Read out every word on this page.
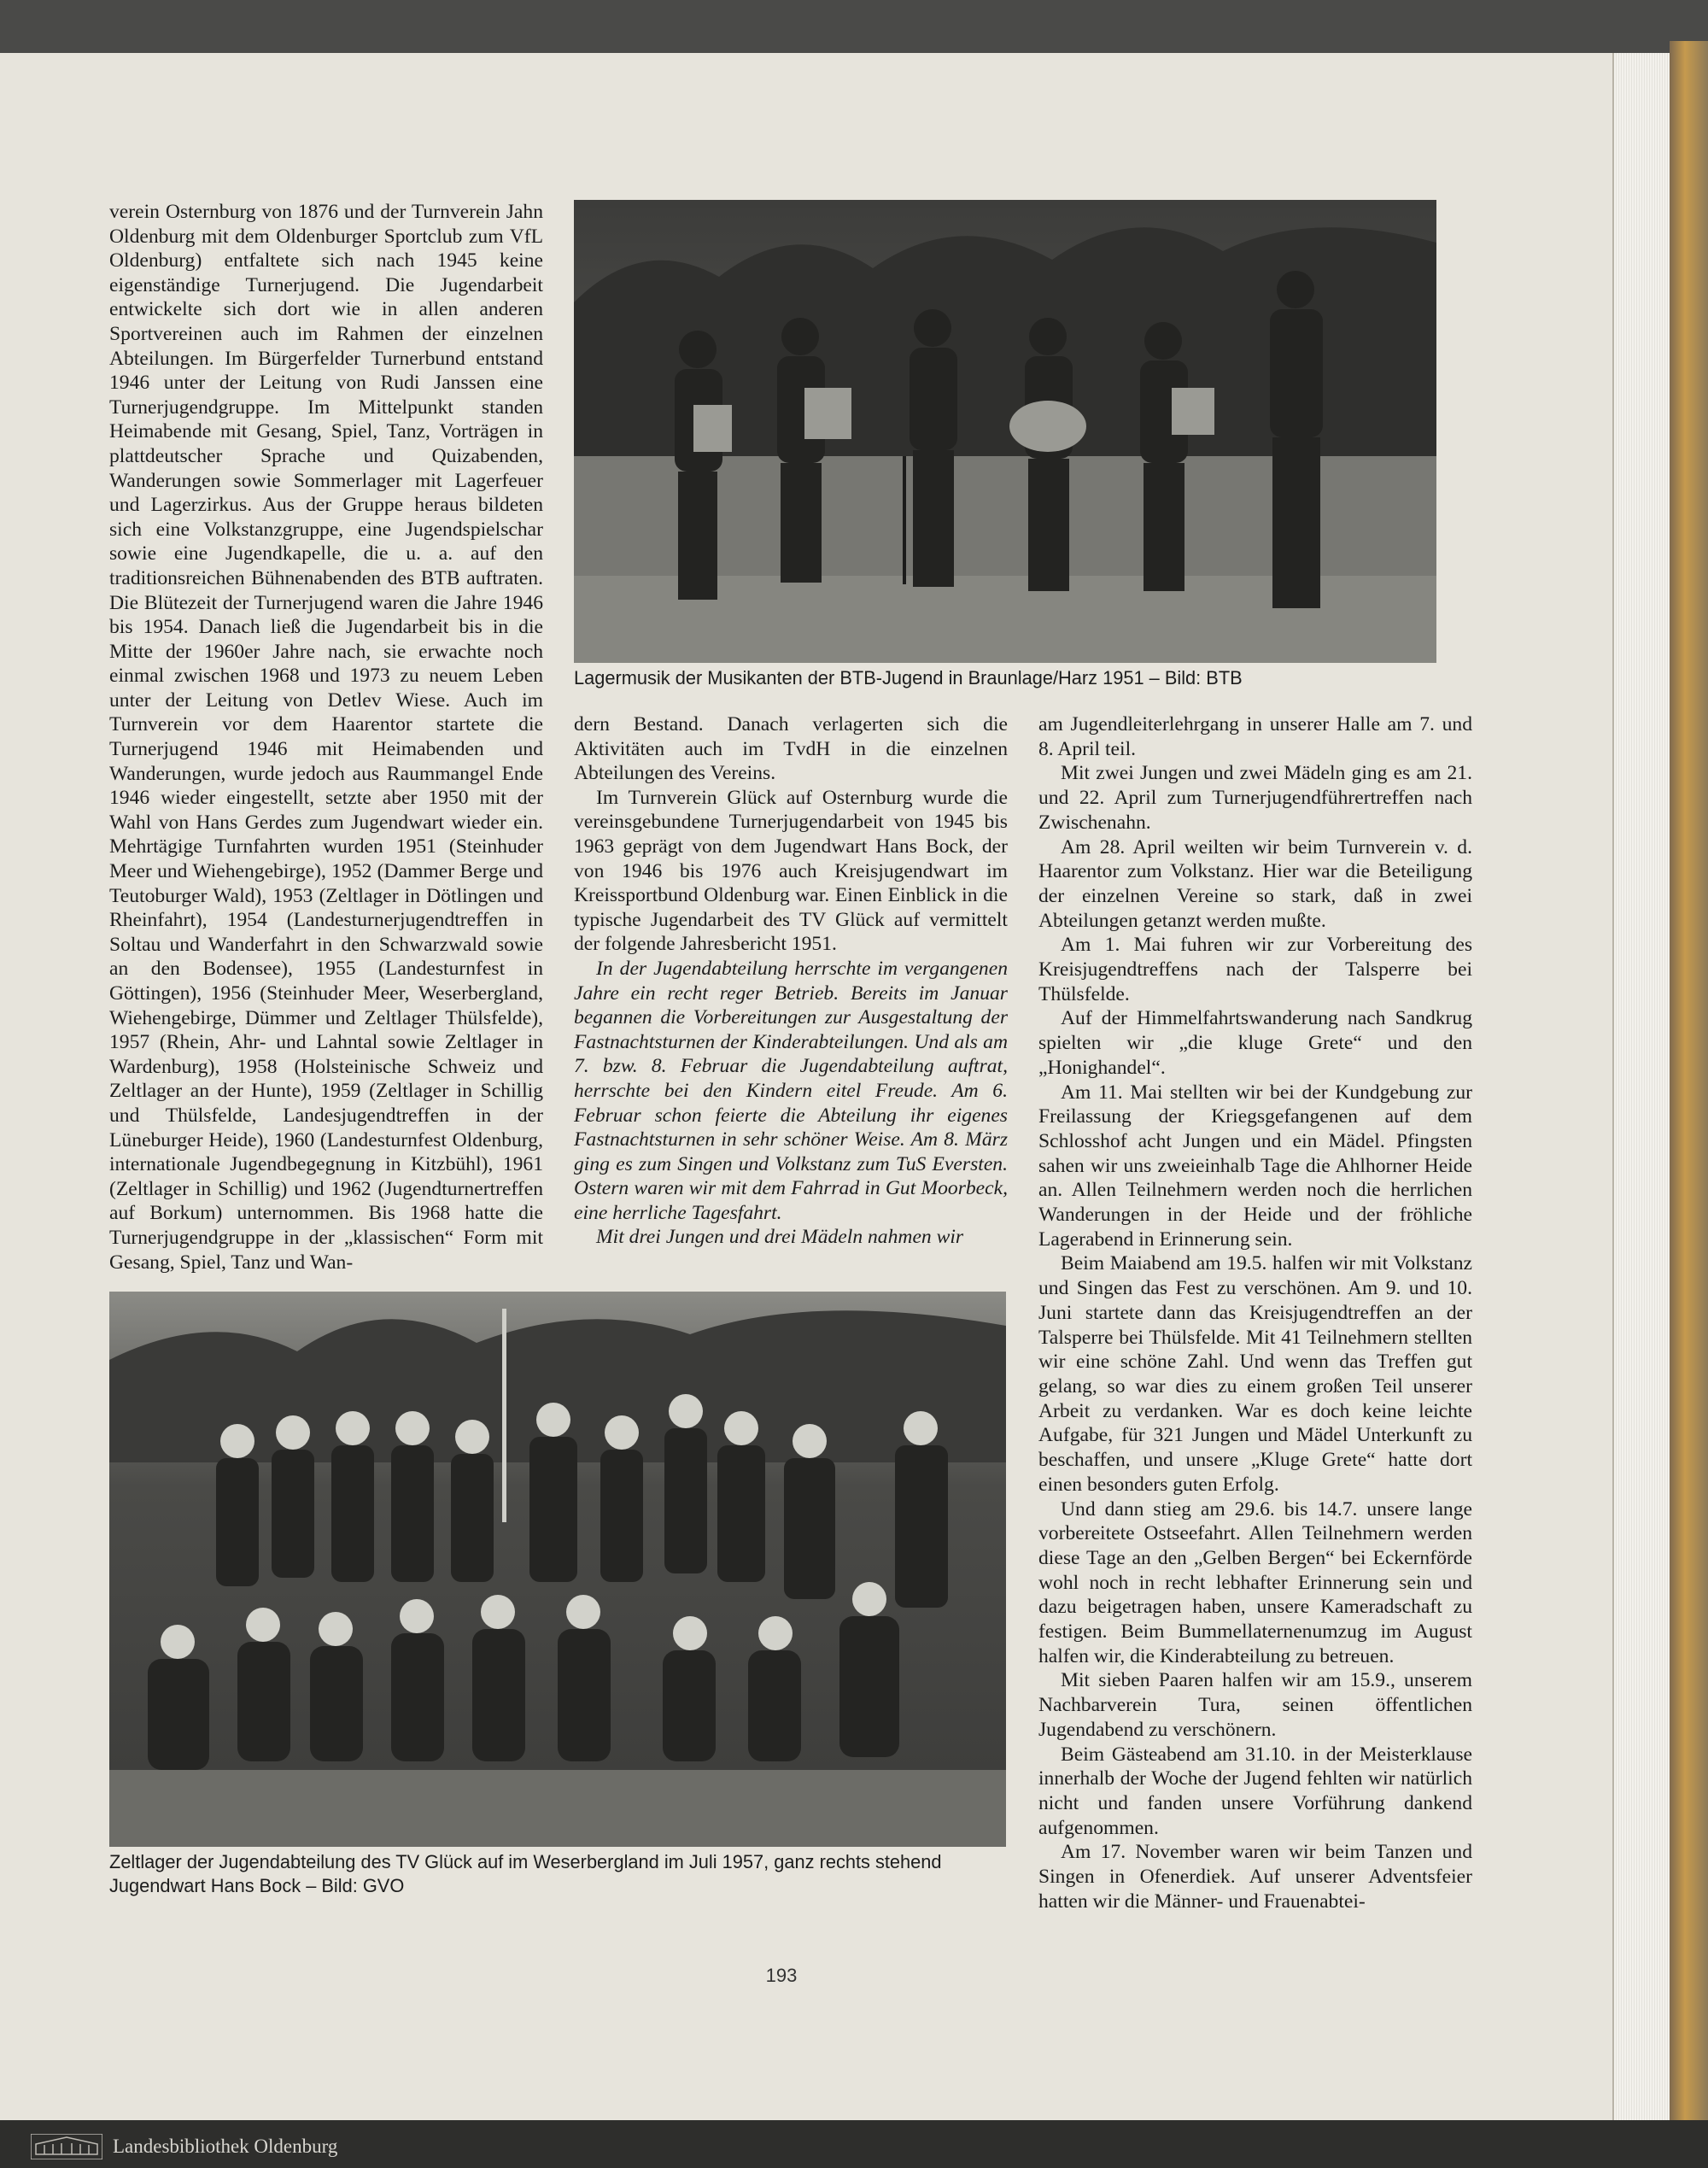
verein Osternburg von 1876 und der Turnverein Jahn Oldenburg mit dem Oldenburger Sportclub zum VfL Oldenburg) entfaltete sich nach 1945 keine eigenständige Turnerjugend. Die Jugendarbeit entwickelte sich dort wie in allen anderen Sportvereinen auch im Rahmen der einzelnen Abteilungen. Im Bürgerfelder Turnerbund entstand 1946 unter der Leitung von Rudi Janssen eine Turnerjugendgruppe. Im Mittelpunkt standen Heimabende mit Gesang, Spiel, Tanz, Vorträgen in plattdeutscher Sprache und Quizabenden, Wanderungen sowie Sommerlager mit Lagerfeuer und Lagerzirkus. Aus der Gruppe heraus bildeten sich eine Volkstanzgruppe, eine Jugendspielschar sowie eine Jugendkapelle, die u. a. auf den traditionsreichen Bühnenabenden des BTB auftraten. Die Blütezeit der Turnerjugend waren die Jahre 1946 bis 1954. Danach ließ die Jugendarbeit bis in die Mitte der 1960er Jahre nach, sie erwachte noch einmal zwischen 1968 und 1973 zu neuem Leben unter der Leitung von Detlev Wiese. Auch im Turnverein vor dem Haarentor startete die Turnerjugend 1946 mit Heimabenden und Wanderungen, wurde jedoch aus Raummangel Ende 1946 wieder eingestellt, setzte aber 1950 mit der Wahl von Hans Gerdes zum Jugendwart wieder ein. Mehrtägige Turnfahrten wurden 1951 (Steinhuder Meer und Wiehengebirge), 1952 (Dammer Berge und Teutoburger Wald), 1953 (Zeltlager in Dötlingen und Rheinfahrt), 1954 (Landesturnerjugendtreffen in Soltau und Wanderfahrt in den Schwarzwald sowie an den Bodensee), 1955 (Landesturnfest in Göttingen), 1956 (Steinhuder Meer, Weserbergland, Wiehengebirge, Dümmer und Zeltlager Thülsfelde), 1957 (Rhein, Ahr- und Lahntal sowie Zeltlager in Wardenburg), 1958 (Holsteinische Schweiz und Zeltlager an der Hunte), 1959 (Zeltlager in Schillig und Thülsfelde, Landesjugendtreffen in der Lüneburger Heide), 1960 (Landesturnfest Oldenburg, internationale Jugendbegegnung in Kitzbühl), 1961 (Zeltlager in Schillig) und 1962 (Jugendturnertreffen auf Borkum) unternommen. Bis 1968 hatte die Turnerjugendgruppe in der „klassischen“ Form mit Gesang, Spiel, Tanz und Wan-

Lagermusik der Musikanten der BTB-Jugend in Braunlage/Harz 1951 – Bild: BTB

dern Bestand. Danach verlagerten sich die Aktivitäten auch im TvdH in die einzelnen Abteilungen des Vereins.

Im Turnverein Glück auf Osternburg wurde die vereinsgebundene Turnerjugendarbeit von 1945 bis 1963 geprägt von dem Jugendwart Hans Bock, der von 1946 bis 1976 auch Kreisjugendwart im Kreissportbund Oldenburg war. Einen Einblick in die typische Jugendarbeit des TV Glück auf vermittelt der folgende Jahresbericht 1951.

In der Jugendabteilung herrschte im vergangenen Jahre ein recht reger Betrieb. Bereits im Januar begannen die Vorbereitungen zur Ausgestaltung der Fastnachtsturnen der Kinderabteilungen. Und als am 7. bzw. 8. Februar die Jugendabteilung auftrat, herrschte bei den Kindern eitel Freude. Am 6. Februar schon feierte die Abteilung ihr eigenes Fastnachtsturnen in sehr schöner Weise. Am 8. März ging es zum Singen und Volkstanz zum TuS Eversten. Ostern waren wir mit dem Fahrrad in Gut Moorbeck, eine herrliche Tagesfahrt.

Mit drei Jungen und drei Mädeln nahmen wir

am Jugendleiterlehrgang in unserer Halle am 7. und 8. April teil.

Mit zwei Jungen und zwei Mädeln ging es am 21. und 22. April zum Turnerjugendführertreffen nach Zwischenahn.

Am 28. April weilten wir beim Turnverein v. d. Haarentor zum Volkstanz. Hier war die Beteiligung der einzelnen Vereine so stark, daß in zwei Abteilungen getanzt werden mußte.

Am 1. Mai fuhren wir zur Vorbereitung des Kreisjugendtreffens nach der Talsperre bei Thülsfelde.

Auf der Himmelfahrtswanderung nach Sandkrug spielten wir „die kluge Grete“ und den „Honighandel“.

Am 11. Mai stellten wir bei der Kundgebung zur Freilassung der Kriegsgefangenen auf dem Schlosshof acht Jungen und ein Mädel. Pfingsten sahen wir uns zweieinhalb Tage die Ahlhorner Heide an. Allen Teilnehmern werden noch die herrlichen Wanderungen in der Heide und der fröhliche Lagerabend in Erinnerung sein.

Beim Maiabend am 19.5. halfen wir mit Volkstanz und Singen das Fest zu verschönen. Am 9. und 10. Juni startete dann das Kreisjugendtreffen an der Talsperre bei Thülsfelde. Mit 41 Teilnehmern stellten wir eine schöne Zahl. Und wenn das Treffen gut gelang, so war dies zu einem großen Teil unserer Arbeit zu verdanken. War es doch keine leichte Aufgabe, für 321 Jungen und Mädel Unterkunft zu beschaffen, und unsere „Kluge Grete“ hatte dort einen besonders guten Erfolg.

Und dann stieg am 29.6. bis 14.7. unsere lange vorbereitete Ostseefahrt. Allen Teilnehmern werden diese Tage an den „Gelben Bergen“ bei Eckernförde wohl noch in recht lebhafter Erinnerung sein und dazu beigetragen haben, unsere Kameradschaft zu festigen. Beim Bummellaternenumzug im August halfen wir, die Kinderabteilung zu betreuen.

Mit sieben Paaren halfen wir am 15.9., unserem Nachbarverein Tura, seinen öffentlichen Jugendabend zu verschönern.

Beim Gästeabend am 31.10. in der Meisterklause innerhalb der Woche der Jugend fehlten wir natürlich nicht und fanden unsere Vorführung dankend aufgenommen.

Am 17. November waren wir beim Tanzen und Singen in Ofenerdiek. Auf unserer Adventsfeier hatten wir die Männer- und Frauenabtei-

Zeltlager der Jugendabteilung des TV Glück auf im Weserbergland im Juli 1957, ganz rechts stehend
Jugendwart Hans Bock – Bild: GVO
193
Landesbibliothek Oldenburg
